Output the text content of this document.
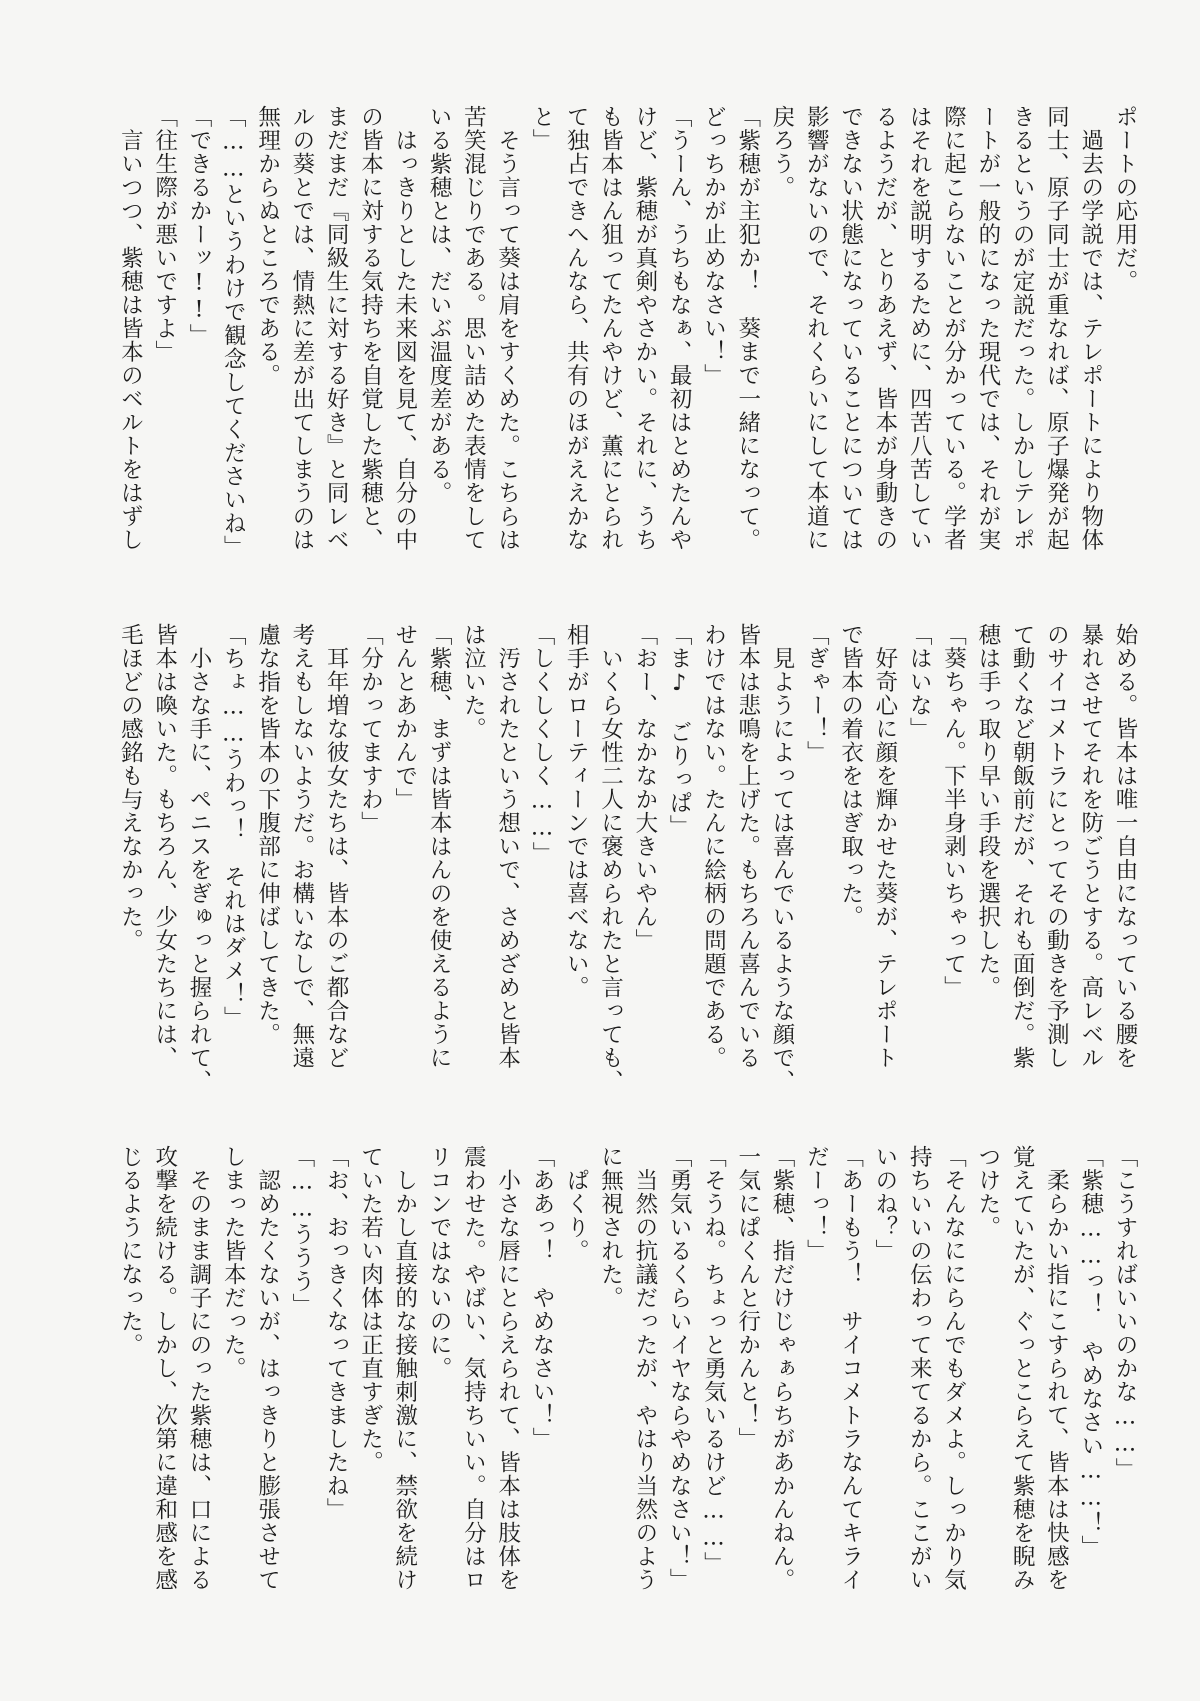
ポートの応用だ。
　過去の学説では、テレポートにより物体
同士、原子同士が重なれば、原子爆発が起
きるというのが定説だった。しかしテレポ
ートが一般的になった現代では、それが実
際に起こらないことが分かっている。学者
はそれを説明するために、四苦八苦してい
るようだが、とりあえず、皆本が身動きの
できない状態になっていることについては
影響がないので、それくらいにして本道に
戻ろう。
「紫穂が主犯か！　葵まで一緒になって。
どっちかが止めなさい！」
「うーん、うちもなぁ、最初はとめたんや
けど、紫穂が真剣やさかい。それに、うち
も皆本はん狙ってたんやけど、薫にとられ
て独占できへんなら、共有のほがええかな
と」
　そう言って葵は肩をすくめた。こちらは
苦笑混じりである。思い詰めた表情をして
いる紫穂とは、だいぶ温度差がある。
　はっきりとした未来図を見て、自分の中
の皆本に対する気持ちを自覚した紫穂と、
まだまだ『同級生に対する好き』と同レベ
ルの葵とでは、情熱に差が出てしまうのは
無理からぬところである。
「……というわけで観念してくださいね」
「できるかーッ!!」
「往生際が悪いですよ」
　言いつつ、紫穂は皆本のベルトをはずし
始める。皆本は唯一自由になっている腰を
暴れさせてそれを防ごうとする。高レベル
のサイコメトラにとってその動きを予測し
て動くなど朝飯前だが、それも面倒だ。紫
穂は手っ取り早い手段を選択した。
「葵ちゃん。下半身剥いちゃって」
「はいな」
　好奇心に顔を輝かせた葵が、テレポート
で皆本の着衣をはぎ取った。
「ぎゃー！」
　見ようによっては喜んでいるような顔で、
皆本は悲鳴を上げた。もちろん喜んでいる
わけではない。たんに絵柄の問題である。
「ま♪　ごりっぱ」
「おー、なかなか大きいやん」
　いくら女性二人に褒められたと言っても、
相手がローティーンでは喜べない。
「しくしくしく……」
　汚されたという想いで、さめざめと皆本
は泣いた。
「紫穂、まずは皆本はんのを使えるように
せんとあかんで」
「分かってますわ」
　耳年増な彼女たちは、皆本のご都合など
考えもしないようだ。お構いなしで、無遠
慮な指を皆本の下腹部に伸ばしてきた。
「ちょ……うわっ！　それはダメ！」
　小さな手に、ペニスをぎゅっと握られて、
皆本は喚いた。もちろん、少女たちには、
毛ほどの感銘も与えなかった。
「こうすればいいのかな……」
「紫穂……っ！　やめなさい……！」
　柔らかい指にこすられて、皆本は快感を
覚えていたが、ぐっとこらえて紫穂を睨み
つけた。
「そんなににらんでもダメよ。しっかり気
持ちいいの伝わって来てるから。ここがい
いのね？」
「あーもう！　サイコメトラなんてキライ
だーっ！」
「紫穂、指だけじゃぁらちがあかんねん。
一気にぱくんと行かんと！」
「そうね。ちょっと勇気いるけど……」
「勇気いるくらいイヤならやめなさい！」
　当然の抗議だったが、やはり当然のよう
に無視された。
　ぱくり。
「ああっ！　やめなさい！」
　小さな唇にとらえられて、皆本は肢体を
震わせた。やばい、気持ちいい。自分はロ
リコンではないのに。
　しかし直接的な接触刺激に、禁欲を続け
ていた若い肉体は正直すぎた。
「お、おっきくなってきましたね」
「……ううう」
　認めたくないが、はっきりと膨張させて
しまった皆本だった。
　そのまま調子にのった紫穂は、口による
攻撃を続ける。しかし、次第に違和感を感
じるようになった。
